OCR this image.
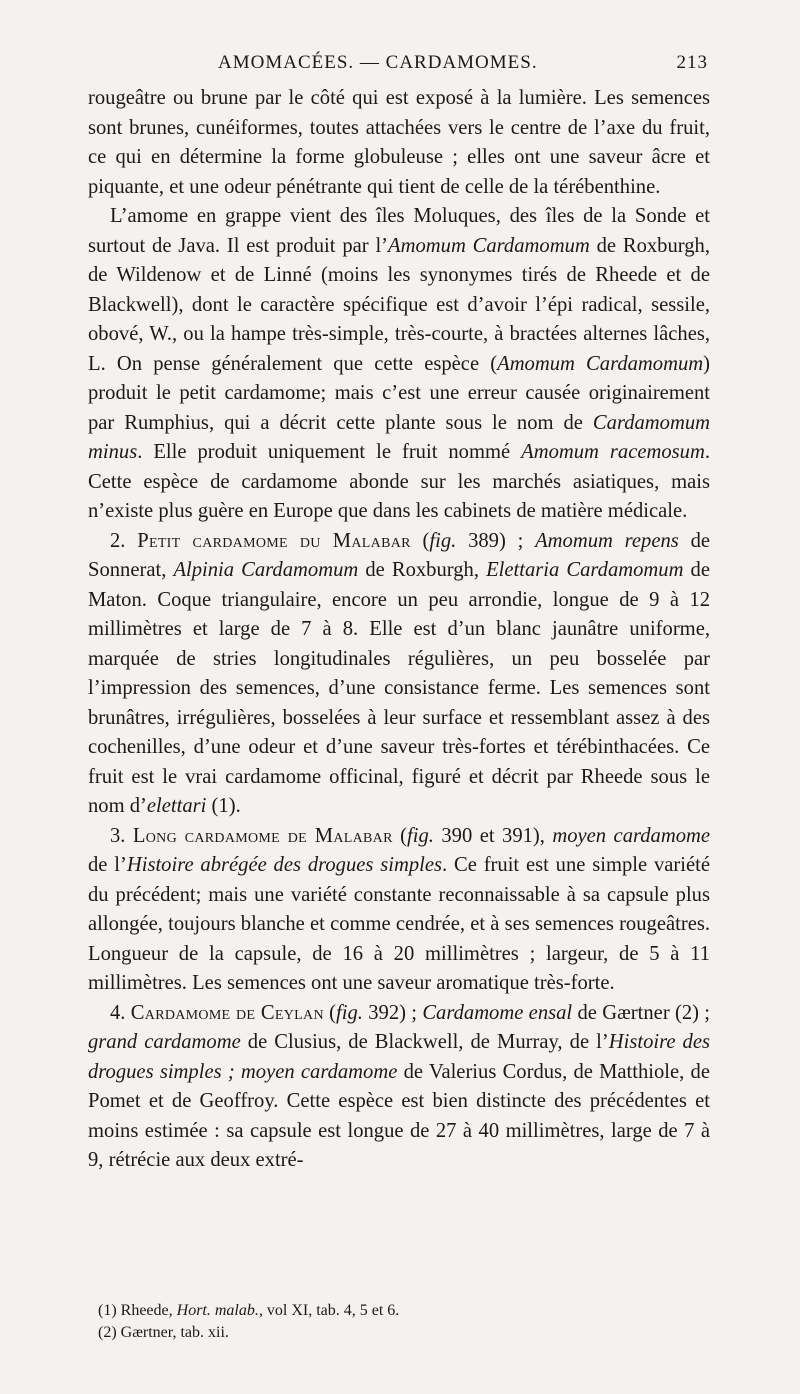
AMOMACÉES. — CARDAMOMES.	213

rougeâtre ou brune par le côté qui est exposé à la lumière. Les semences sont brunes, cunéiformes, toutes attachées vers le centre de l’axe du fruit, ce qui en détermine la forme globuleuse ; elles ont une saveur âcre et piquante, et une odeur pénétrante qui tient de celle de la térébenthine.

L’amome en grappe vient des îles Moluques, des îles de la Sonde et surtout de Java. Il est produit par l’Amomum Cardamomum de Roxburgh, de Wildenow et de Linné (moins les synonymes tirés de Rheede et de Blackwell), dont le caractère spécifique est d’avoir l’épi radical, sessile, obové, W., ou la hampe très-simple, très-courte, à bractées alternes lâches, L. On pense généralement que cette espèce (Amomum Cardamomum) produit le petit cardamome; mais c’est une erreur causée originairement par Rumphius, qui a décrit cette plante sous le nom de Cardamomum minus. Elle produit uniquement le fruit nommé Amomum racemosum. Cette espèce de cardamome abonde sur les marchés asiatiques, mais n’existe plus guère en Europe que dans les cabinets de matière médicale.

2. Petit cardamome du Malabar (fig. 389) ; Amomum repens de Sonnerat, Alpinia Cardamomum de Roxburgh, Elettaria Cardamomum de Maton. Coque triangulaire, encore un peu arrondie, longue de 9 à 12 millimètres et large de 7 à 8. Elle est d’un blanc jaunâtre uniforme, marquée de stries longitudinales régulières, un peu bosselée par l’impression des semences, d’une consistance ferme. Les semences sont brunâtres, irrégulières, bosselées à leur surface et ressemblant assez à des cochenilles, d’une odeur et d’une saveur très-fortes et térébinthacées. Ce fruit est le vrai cardamome officinal, figuré et décrit par Rheede sous le nom d’elettari (1).

3. Long cardamome de Malabar (fig. 390 et 391), moyen cardamome de l’Histoire abrégée des drogues simples. Ce fruit est une simple variété du précédent; mais une variété constante reconnaissable à sa capsule plus allongée, toujours blanche et comme cendrée, et à ses semences rougeâtres. Longueur de la capsule, de 16 à 20 millimètres ; largeur, de 5 à 11 millimètres. Les semences ont une saveur aromatique très-forte.

4. Cardamome de Ceylan (fig. 392) ; Cardamome ensal de Gærtner (2) ; grand cardamome de Clusius, de Blackwell, de Murray, de l’Histoire des drogues simples ; moyen cardamome de Valerius Cordus, de Matthiole, de Pomet et de Geoffroy. Cette espèce est bien distincte des précédentes et moins estimée : sa capsule est longue de 27 à 40 millimètres, large de 7 à 9, rétrécie aux deux extré-

(1) Rheede, Hort. malab., vol XI, tab. 4, 5 et 6.
(2) Gærtner, tab. xii.
